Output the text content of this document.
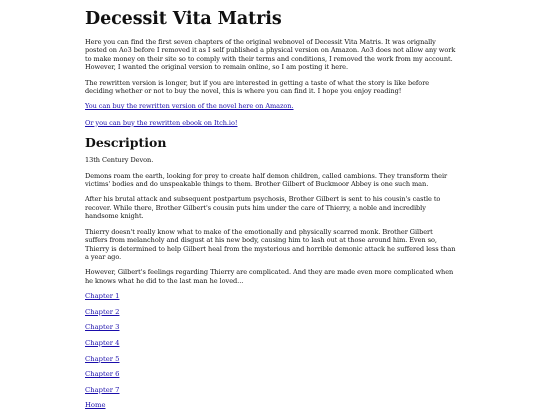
Decessit Vita Matris

Here you can find the first seven chapters of the original webnovel of Decessit Vita Matris. It was orignally posted on Ao3 before I removed it as I self published a physical version on Amazon. Ao3 does not allow any work to make money on their site so to comply with their terms and conditions, I removed the work from my account. However, I wanted the original version to remain online, so I am posting it here.

The rewritten version is longer, but if you are interested in getting a taste of what the story is like before deciding whether or not to buy the novel, this is where you can find it. I hope you enjoy reading!

You can buy the rewritten version of the novel here on Amazon.

Or you can buy the rewritten ebook on Itch.io!

Description

13th Century Devon.

Demons roam the earth, looking for prey to create half demon children, called cambions. They transform their victims' bodies and do unspeakable things to them. Brother Gilbert of Buckmoor Abbey is one such man.

After his brutal attack and subsequent postpartum psychosis, Brother Gilbert is sent to his cousin's castle to recover. While there, Brother Gilbert's cousin puts him under the care of Thierry, a noble and incredibly handsome knight.

Thierry doesn't really know what to make of the emotionally and physically scarred monk. Brother Gilbert suffers from melancholy and disgust at his new body, causing him to lash out at those around him. Even so, Thierry is determined to help Gilbert heal from the mysterious and horrible demonic attack he suffered less than a year ago.

However, Gilbert's feelings regarding Thierry are complicated. And they are made even more complicated when he knows what he did to the last man he loved...

Chapter 1
Chapter 2
Chapter 3
Chapter 4
Chapter 5
Chapter 6
Chapter 7
Home
